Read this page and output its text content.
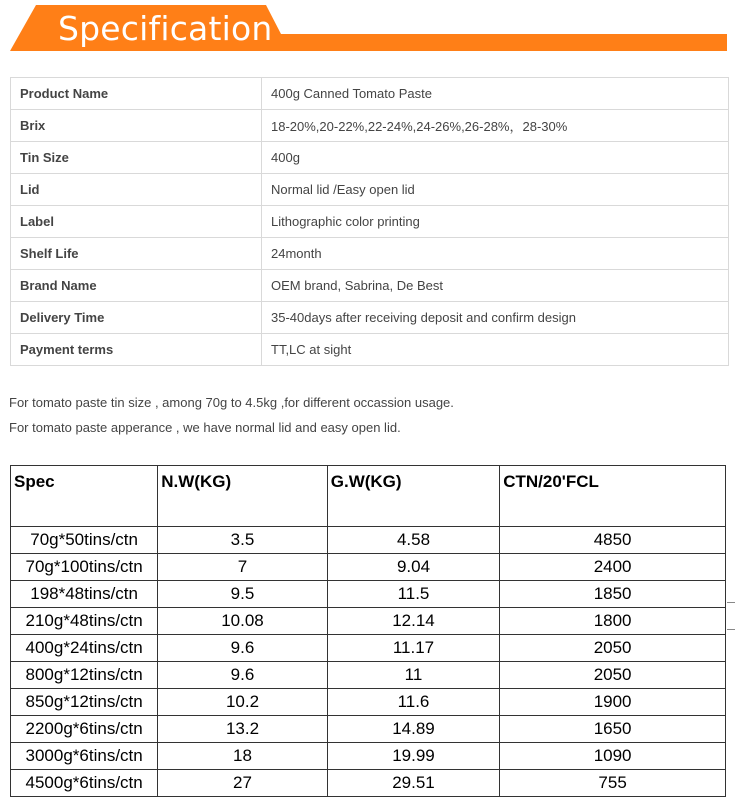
Specification
Product Name	400g Canned Tomato Paste
Brix	18-20%,20-22%,22-24%,24-26%,26-28%，28-30%
Tin Size	400g
Lid	Normal lid /Easy open lid
Label	Lithographic color printing
Shelf Life	24month
Brand Name	OEM brand, Sabrina, De Best
Delivery Time	35-40days after receiving deposit and confirm design
Payment terms	TT,LC at sight
For tomato paste tin size , among 70g to 4.5kg ,for different occassion usage.
For tomato paste apperance , we have normal lid and easy open lid.
Spec	N.W(KG)	G.W(KG)	CTN/20'FCL
70g*50tins/ctn	3.5	4.58	4850
70g*100tins/ctn	7	9.04	2400
198*48tins/ctn	9.5	11.5	1850
210g*48tins/ctn	10.08	12.14	1800
400g*24tins/ctn	9.6	11.17	2050
800g*12tins/ctn	9.6	11	2050
850g*12tins/ctn	10.2	11.6	1900
2200g*6tins/ctn	13.2	14.89	1650
3000g*6tins/ctn	18	19.99	1090
4500g*6tins/ctn	27	29.51	755
